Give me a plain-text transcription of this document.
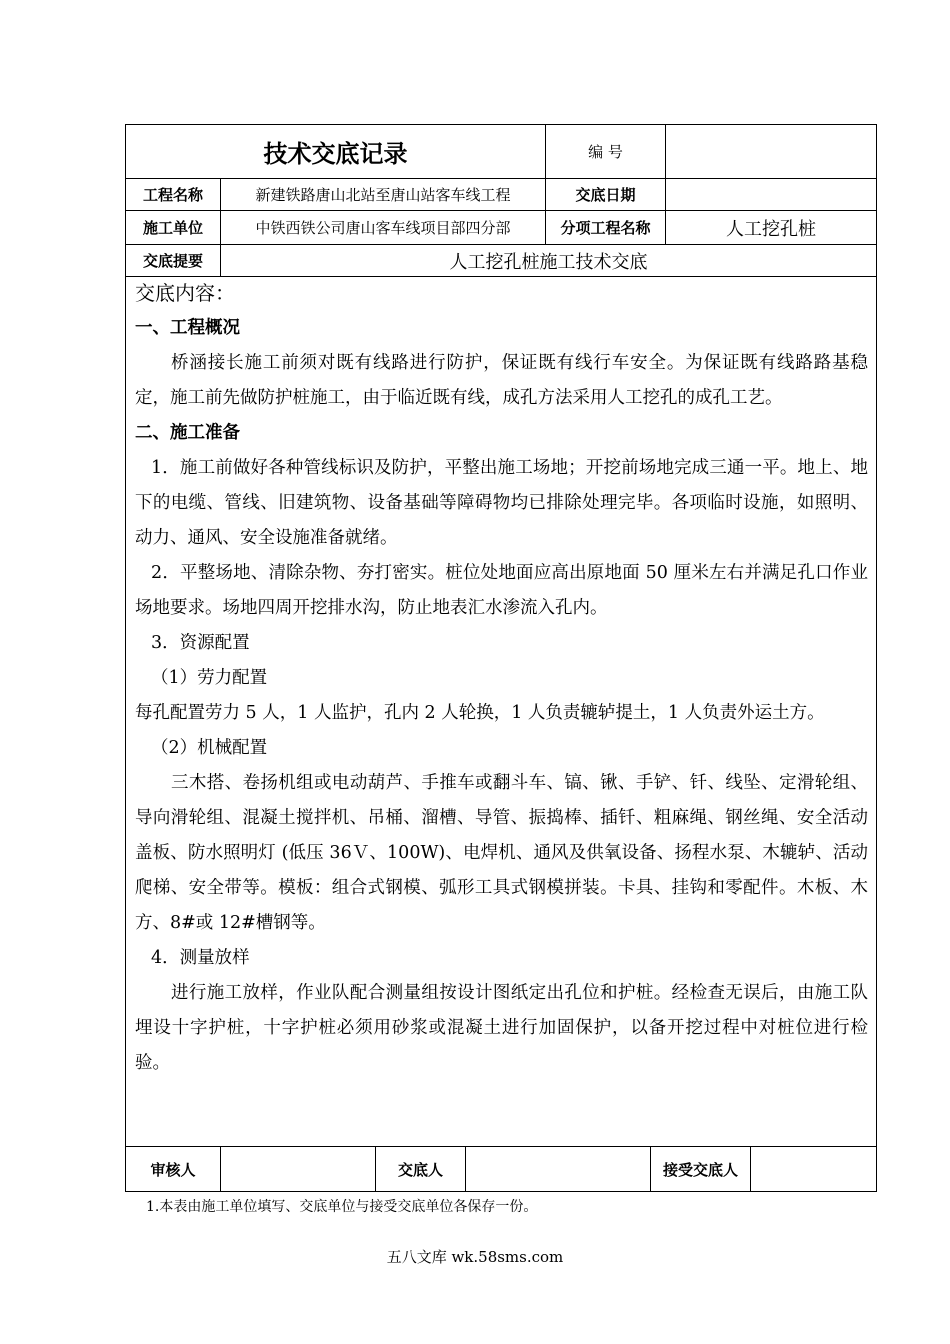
技术交底记录	编 号
工程名称	新建铁路唐山北站至唐山站客车线工程	交底日期
施工单位	中铁西铁公司唐山客车线项目部四分部	分项工程名称	人工挖孔桩
交底提要	人工挖孔桩施工技术交底

交底内容：

一、工程概况

桥涵接长施工前须对既有线路进行防护，保证既有线行车安全。为保证既有线路路基稳定，施工前先做防护桩施工，由于临近既有线，成孔方法采用人工挖孔的成孔工艺。

二、施工准备

1．施工前做好各种管线标识及防护，平整出施工场地；开挖前场地完成三通一平。地上、地下的电缆、管线、旧建筑物、设备基础等障碍物均已排除处理完毕。各项临时设施，如照明、动力、通风、安全设施准备就绪。

2．平整场地、清除杂物、夯打密实。桩位处地面应高出原地面 50 厘米左右并满足孔口作业场地要求。场地四周开挖排水沟，防止地表汇水渗流入孔内。

3．资源配置

（1）劳力配置

每孔配置劳力 5 人，1 人监护，孔内 2 人轮换，1 人负责辘轳提土，1 人负责外运土方。

（2）机械配置

三木搭、卷扬机组或电动葫芦、手推车或翻斗车、镐、锹、手铲、钎、线坠、定滑轮组、导向滑轮组、混凝土搅拌机、吊桶、溜槽、导管、振捣棒、插钎、粗麻绳、钢丝绳、安全活动盖板、防水照明灯 (低压 36Ｖ、100W)、电焊机、通风及供氧设备、扬程水泵、木辘轳、活动爬梯、安全带等。模板：组合式钢模、弧形工具式钢模拼装。卡具、挂钩和零配件。木板、木方、8#或 12#槽钢等。

4．测量放样

进行施工放样，作业队配合测量组按设计图纸定出孔位和护桩。经检查无误后，由施工队埋设十字护桩，十字护桩必须用砂浆或混凝土进行加固保护，以备开挖过程中对桩位进行检验。

审核人	交底人	接受交底人
1.本表由施工单位填写、交底单位与接受交底单位各保存一份。
五八文库 wk.58sms.com
